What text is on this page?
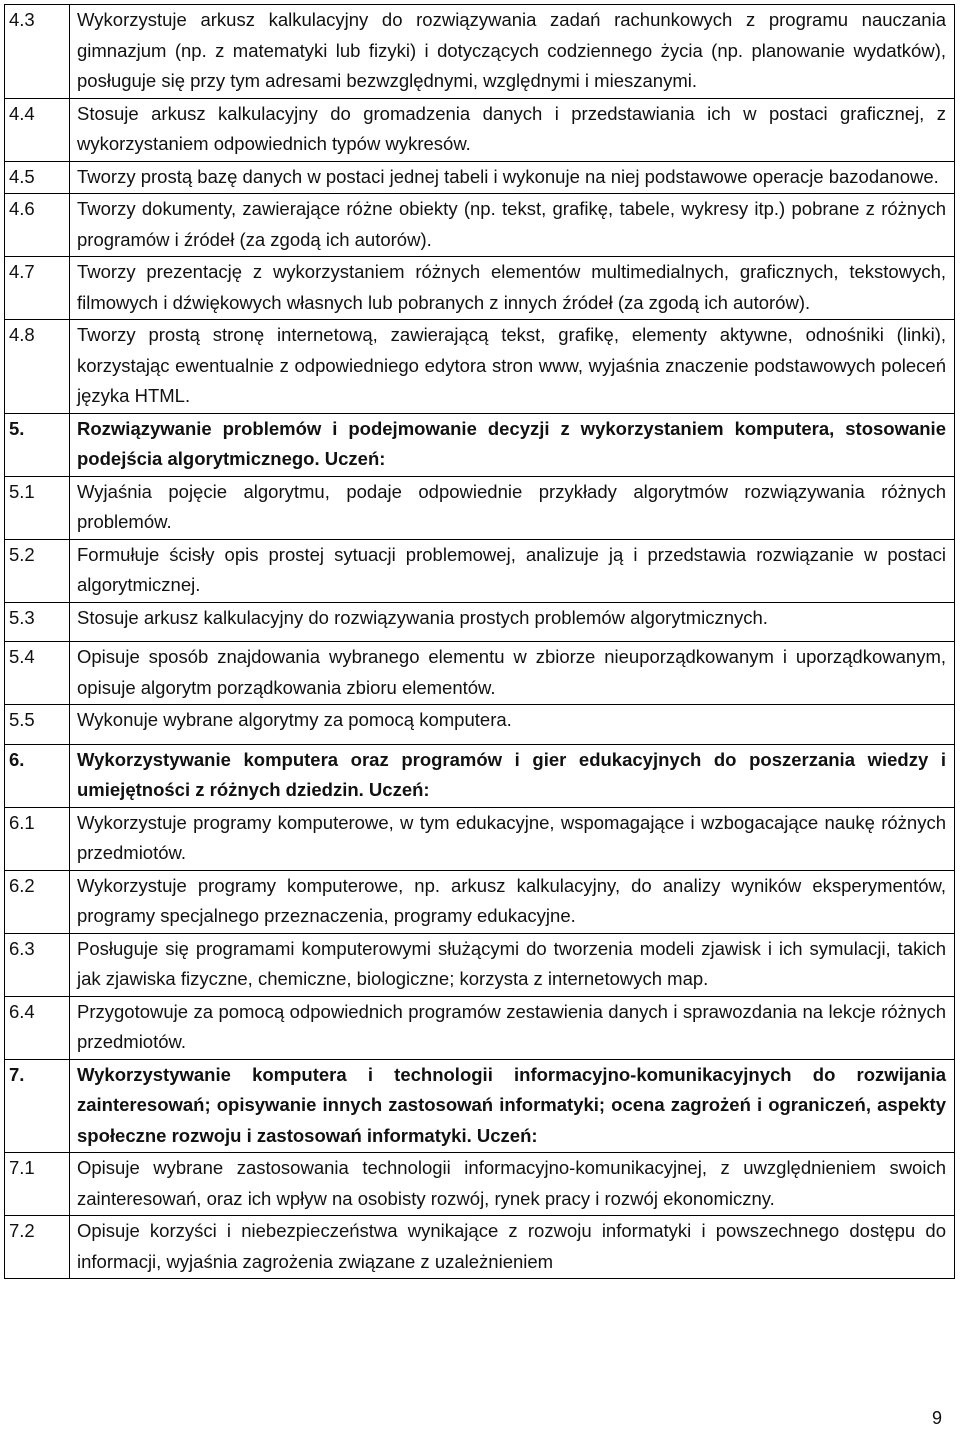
4.3	Wykorzystuje arkusz kalkulacyjny do rozwiązywania zadań rachunkowych z programu nauczania gimnazjum (np. z matematyki lub fizyki) i dotyczących codziennego życia (np. planowanie wydatków), posługuje się przy tym adresami bezwzględnymi, względnymi i mieszanymi.
4.4	Stosuje arkusz kalkulacyjny do gromadzenia danych i przedstawiania ich w postaci graficznej, z wykorzystaniem odpowiednich typów wykresów.
4.5	Tworzy prostą bazę danych w postaci jednej tabeli i wykonuje na niej podstawowe operacje bazodanowe.
4.6	Tworzy dokumenty, zawierające różne obiekty (np. tekst, grafikę, tabele, wykresy itp.) pobrane z różnych programów i źródeł (za zgodą ich autorów).
4.7	Tworzy prezentację z wykorzystaniem różnych elementów multimedialnych, graficznych, tekstowych, filmowych i dźwiękowych własnych lub pobranych z innych źródeł (za zgodą ich autorów).
4.8	Tworzy prostą stronę internetową, zawierającą tekst, grafikę, elementy aktywne, odnośniki (linki), korzystając ewentualnie z odpowiedniego edytora stron www, wyjaśnia znaczenie podstawowych poleceń języka HTML.
5.	Rozwiązywanie problemów i podejmowanie decyzji z wykorzystaniem komputera, stosowanie podejścia algorytmicznego. Uczeń:
5.1	Wyjaśnia pojęcie algorytmu, podaje odpowiednie przykłady algorytmów rozwiązywania różnych problemów.
5.2	Formułuje ścisły opis prostej sytuacji problemowej, analizuje ją i przedstawia rozwiązanie w postaci algorytmicznej.
5.3	Stosuje arkusz kalkulacyjny do rozwiązywania prostych problemów algorytmicznych.
5.4	Opisuje sposób znajdowania wybranego elementu w zbiorze nieuporządkowanym i uporządkowanym, opisuje algorytm porządkowania zbioru elementów.
5.5	Wykonuje wybrane algorytmy za pomocą komputera.
6.	Wykorzystywanie komputera oraz programów i gier edukacyjnych do poszerzania wiedzy i umiejętności z różnych dziedzin. Uczeń:
6.1	Wykorzystuje programy komputerowe, w tym edukacyjne, wspomagające i wzbogacające naukę różnych przedmiotów.
6.2	Wykorzystuje programy komputerowe, np. arkusz kalkulacyjny, do analizy wyników eksperymentów, programy specjalnego przeznaczenia, programy edukacyjne.
6.3	Posługuje się programami komputerowymi służącymi do tworzenia modeli zjawisk i ich symulacji, takich jak zjawiska fizyczne, chemiczne, biologiczne; korzysta z internetowych map.
6.4	Przygotowuje za pomocą odpowiednich programów zestawienia danych i sprawozdania na lekcje różnych przedmiotów.
7.	Wykorzystywanie komputera i technologii informacyjno-komunikacyjnych do rozwijania zainteresowań; opisywanie innych zastosowań informatyki; ocena zagrożeń i ograniczeń, aspekty społeczne rozwoju i zastosowań informatyki. Uczeń:
7.1	Opisuje wybrane zastosowania technologii informacyjno-komunikacyjnej, z uwzględnieniem swoich zainteresowań, oraz ich wpływ na osobisty rozwój, rynek pracy i rozwój ekonomiczny.
7.2	Opisuje korzyści i niebezpieczeństwa wynikające z rozwoju informatyki i powszechnego dostępu do informacji, wyjaśnia zagrożenia związane z uzależnieniem
9
